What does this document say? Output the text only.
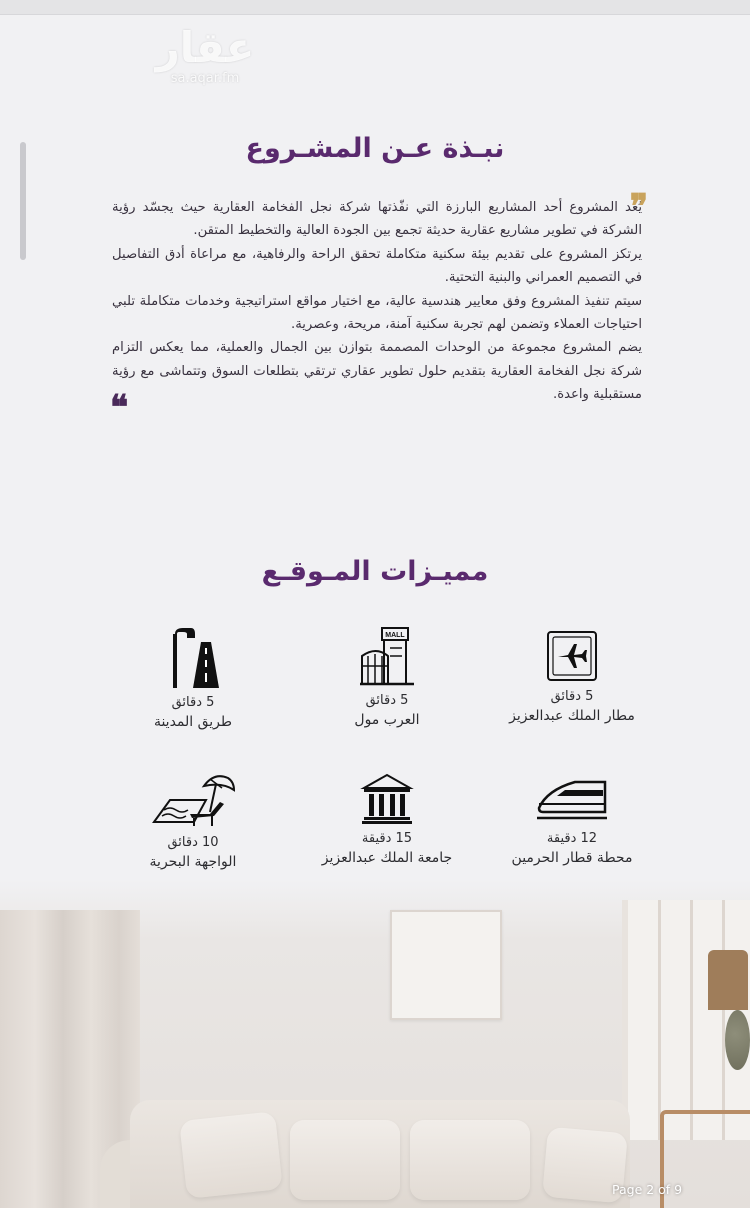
عقار
sa.aqar.fm
نبـذة عـن المشـروع
❞

يُعد المشروع أحد المشاريع البارزة التي نفّذتها شركة نجل الفخامة العقارية حيث يجسّد رؤية الشركة في تطوير مشاريع عقارية حديثة تجمع بين الجودة العالية والتخطيط المتقن.

يرتكز المشروع على تقديم بيئة سكنية متكاملة تحقق الراحة والرفاهية، مع مراعاة أدق التفاصيل في التصميم العمراني والبنية التحتية.

سيتم تنفيذ المشروع وفق معايير هندسية عالية، مع اختيار مواقع استراتيجية وخدمات متكاملة تلبي احتياجات العملاء وتضمن لهم تجربة سكنية آمنة، مريحة، وعصرية.

يضم المشروع مجموعة من الوحدات المصممة بتوازن بين الجمال والعملية، مما يعكس التزام شركة نجل الفخامة العقارية بتقديم حلول تطوير عقاري ترتقي بتطلعات السوق وتتماشى مع رؤية مستقبلية واعدة.

❝
مميـزات المـوقـع
5 دقائق
طريق المدينة
MALL
5 دقائق
العرب مول
5 دقائق
مطار الملك عبدالعزيز
10 دقائق
الواجهة البحرية
15 دقيقة
جامعة الملك عبدالعزيز
12 دقيقة
محطة قطار الحرمين
Page 2 of 9
